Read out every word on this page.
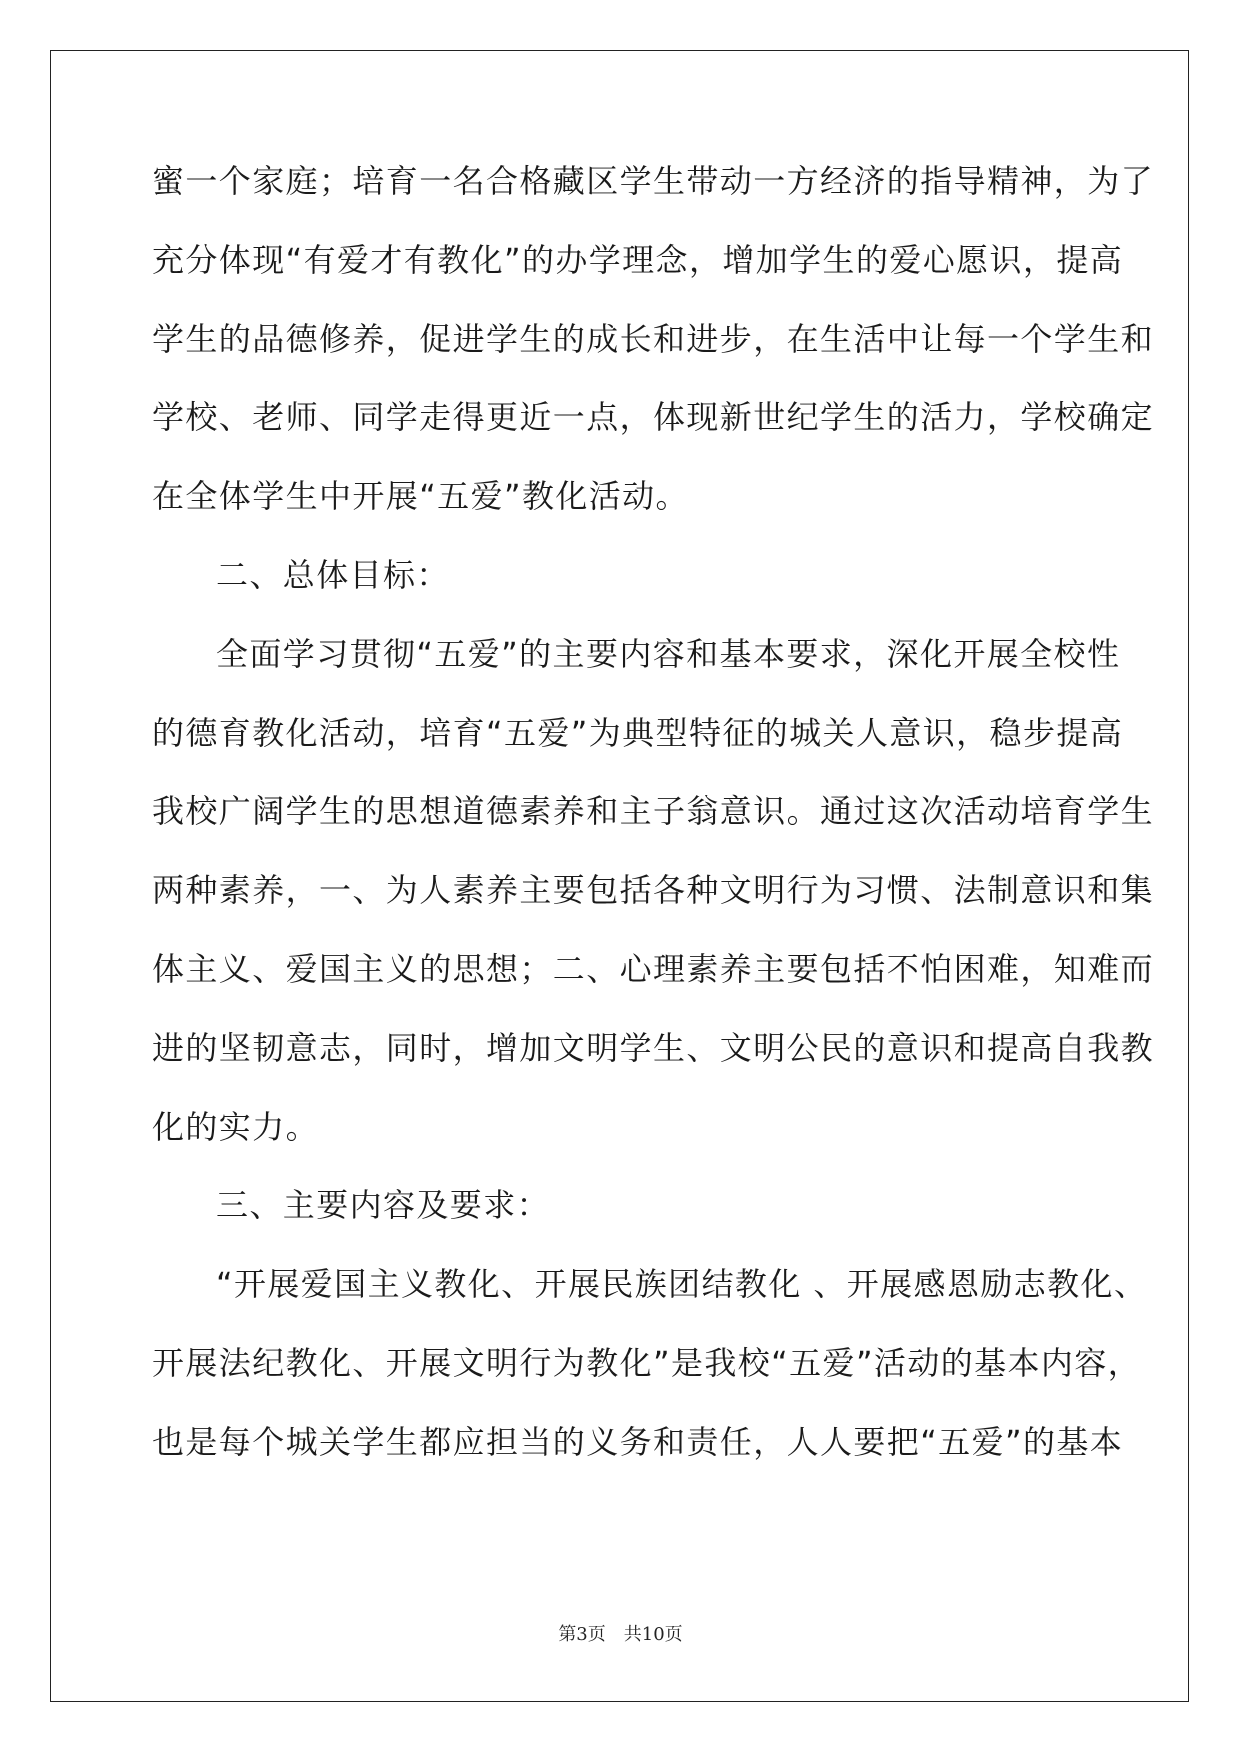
蜜一个家庭；培育一名合格藏区学生带动一方经济的指导精神，为了
充分体现“有爱才有教化”的办学理念，增加学生的爱心愿识，提高
学生的品德修养，促进学生的成长和进步，在生活中让每一个学生和
学校、老师、同学走得更近一点，体现新世纪学生的活力，学校确定
在全体学生中开展“五爱”教化活动。
二、总体目标：
全面学习贯彻“五爱”的主要内容和基本要求，深化开展全校性
的德育教化活动，培育“五爱”为典型特征的城关人意识，稳步提高
我校广阔学生的思想道德素养和主子翁意识。通过这次活动培育学生
两种素养，一、为人素养主要包括各种文明行为习惯、法制意识和集
体主义、爱国主义的思想；二、心理素养主要包括不怕困难，知难而
进的坚韧意志，同时，增加文明学生、文明公民的意识和提高自我教
化的实力。
三、主要内容及要求：
“开展爱国主义教化、开展民族团结教化 、开展感恩励志教化、
开展法纪教化、开展文明行为教化”是我校“五爱”活动的基本内容，
也是每个城关学生都应担当的义务和责任，人人要把“五爱”的基本
第3页 共10页
